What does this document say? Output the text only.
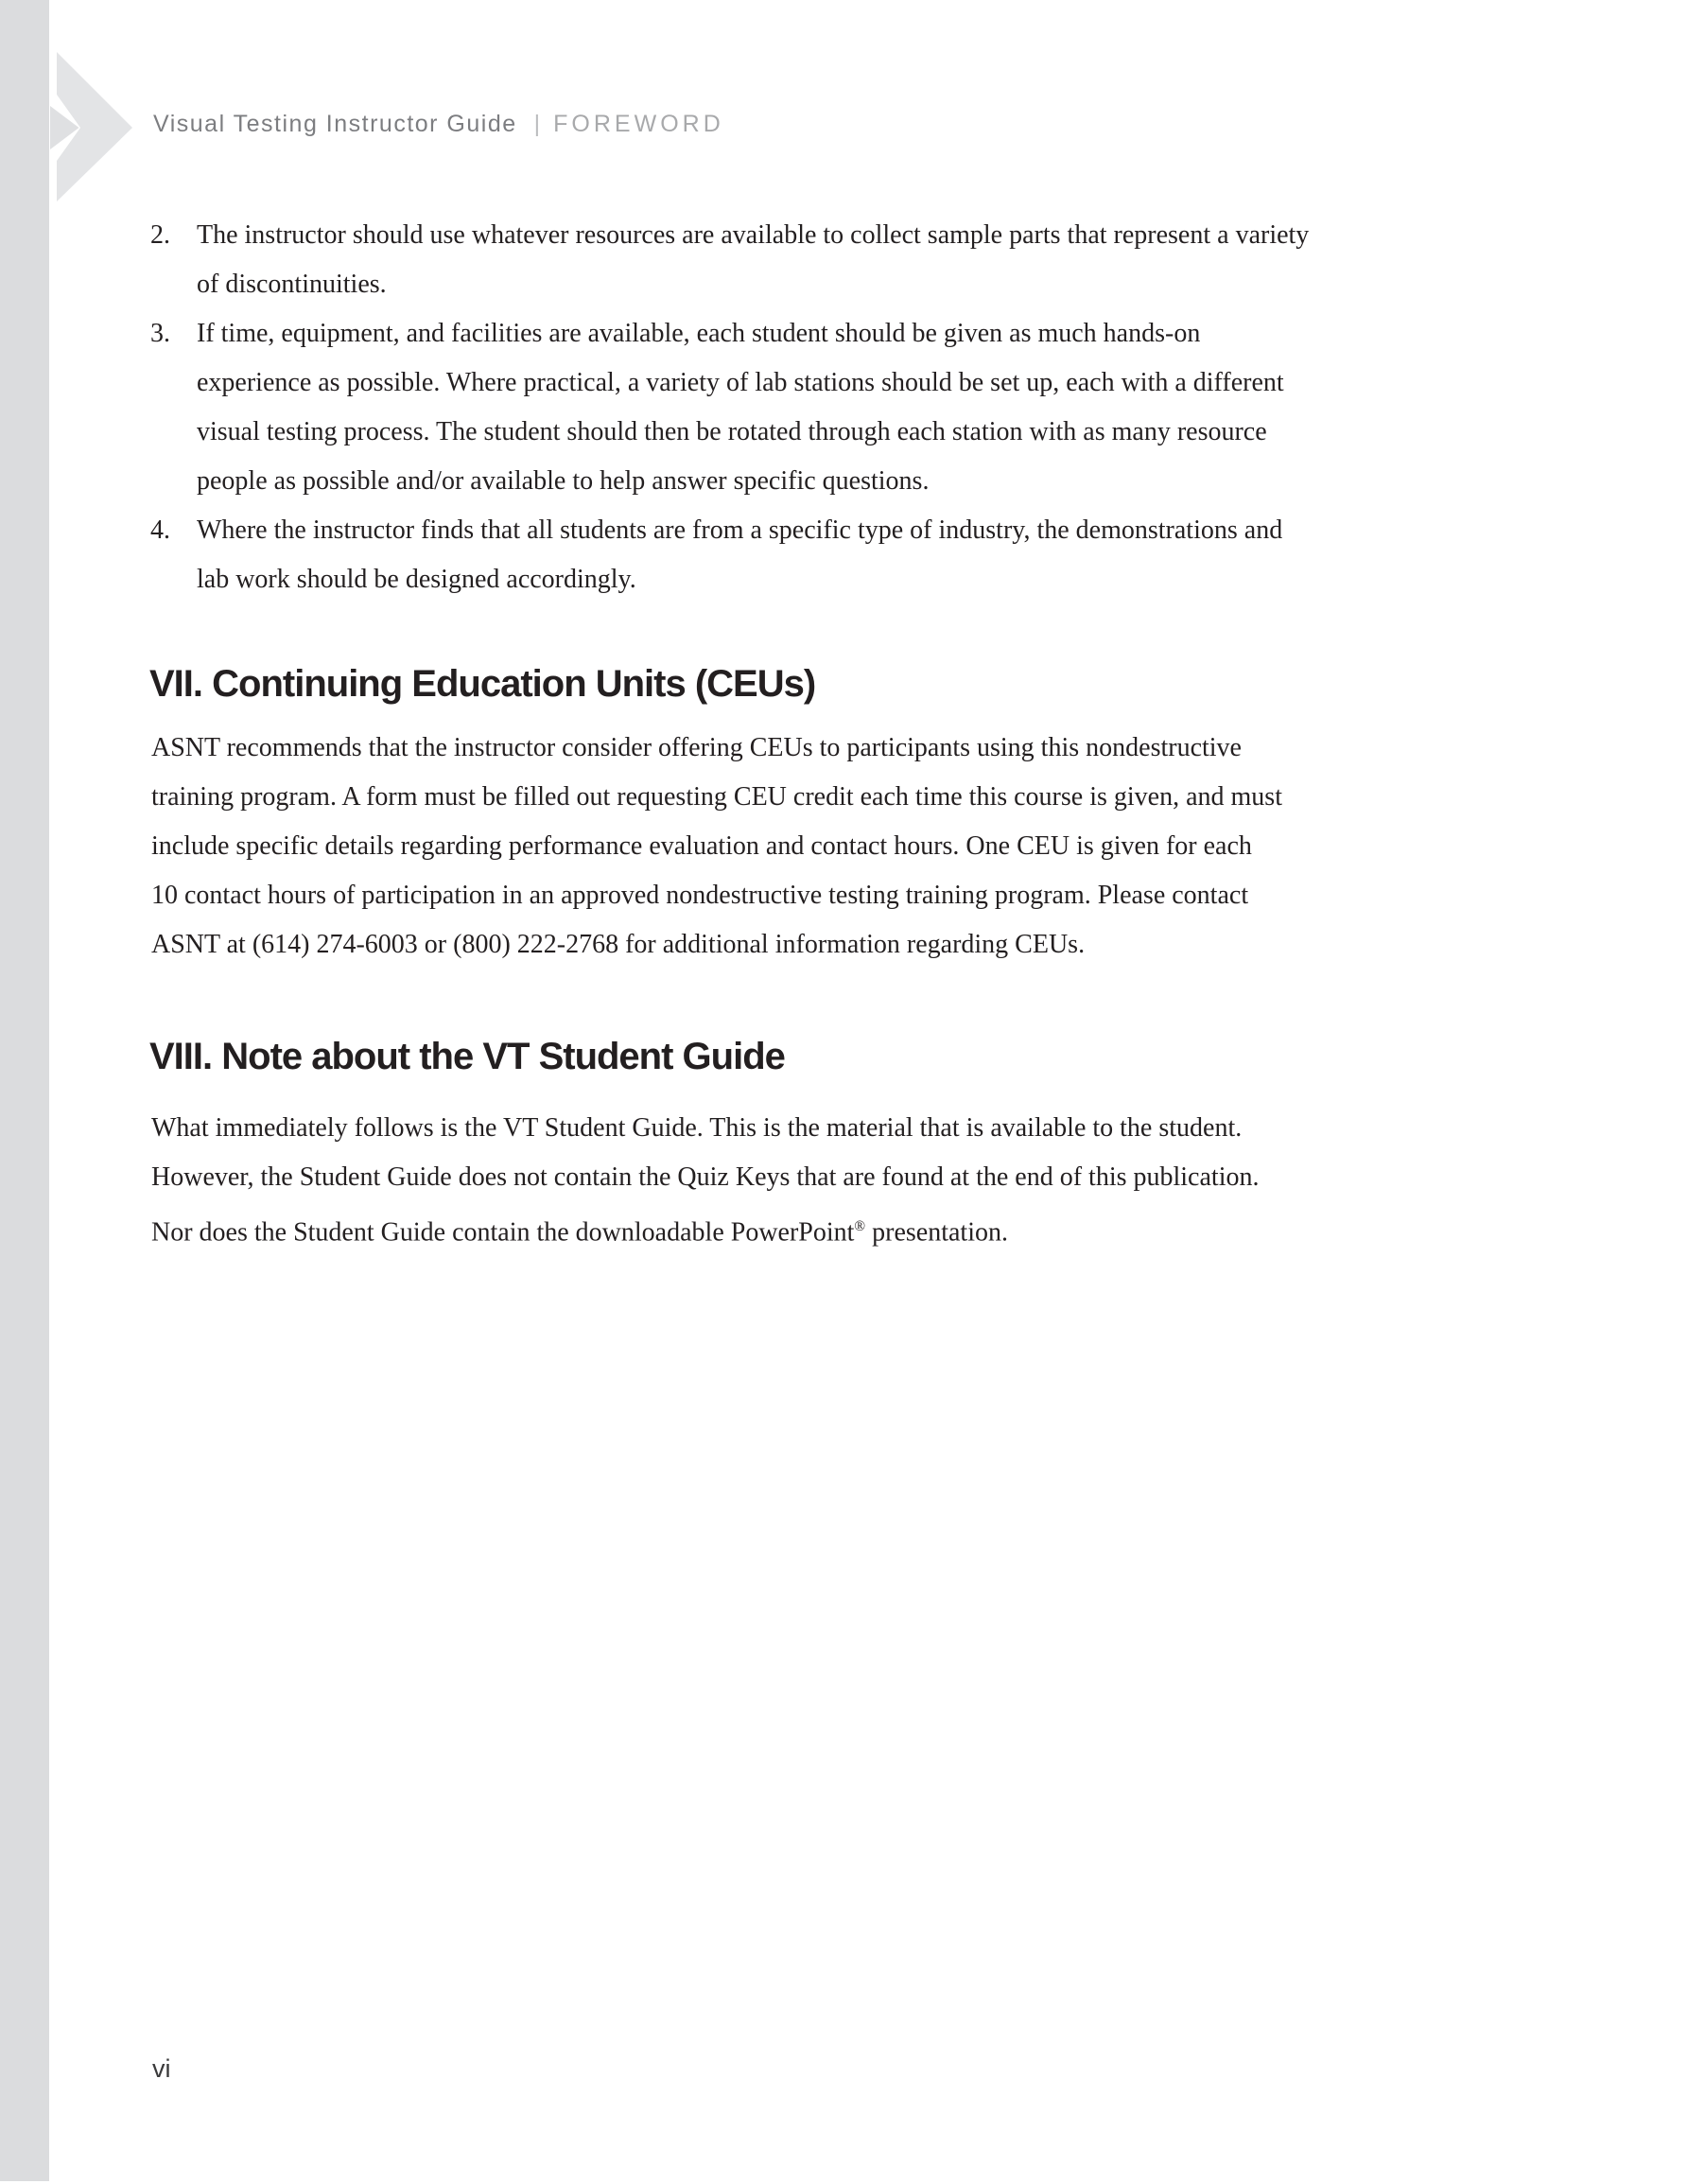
Visual Testing Instructor Guide | FOREWORD
2. The instructor should use whatever resources are available to collect sample parts that represent a variety
of discontinuities.
3. If time, equipment, and facilities are available, each student should be given as much hands-on
experience as possible. Where practical, a variety of lab stations should be set up, each with a different
visual testing process. The student should then be rotated through each station with as many resource
people as possible and/or available to help answer specific questions.
4. Where the instructor finds that all students are from a specific type of industry, the demonstrations and
lab work should be designed accordingly.
VII. Continuing Education Units (CEUs)
ASNT recommends that the instructor consider offering CEUs to participants using this nondestructive
training program. A form must be filled out requesting CEU credit each time this course is given, and must
include specific details regarding performance evaluation and contact hours. One CEU is given for each
10 contact hours of participation in an approved nondestructive testing training program. Please contact
ASNT at (614) 274-6003 or (800) 222-2768 for additional information regarding CEUs.
VIII. Note about the VT Student Guide
What immediately follows is the VT Student Guide. This is the material that is available to the student.
However, the Student Guide does not contain the Quiz Keys that are found at the end of this publication.
Nor does the Student Guide contain the downloadable PowerPoint® presentation.
vi
